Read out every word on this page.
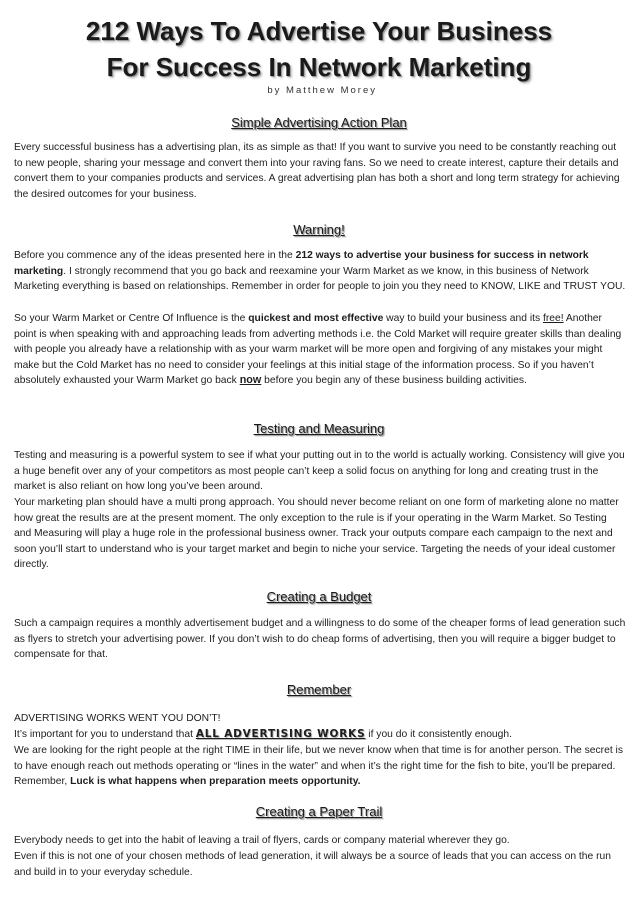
212 Ways To Advertise Your Business
For Success In Network Marketing

by Matthew Morey

Simple Advertising Action Plan

Every successful business has a advertising plan, its as simple as that! If you want to survive you need to be constantly reaching out to new people, sharing your message and convert them into your raving fans. So we need to create interest, capture their details and convert them to your companies products and services. A great advertising plan has both a short and long term strategy for achieving the desired outcomes for your business.

Warning!

Before you commence any of the ideas presented here in the 212 ways to advertise your business for success in network marketing. I strongly recommend that you go back and reexamine your Warm Market as we know, in this business of Network Marketing everything is based on relationships. Remember in order for people to join you they need to KNOW, LIKE and TRUST YOU.

So your Warm Market or Centre Of Influence is the quickest and most effective way to build your business and its free! Another point is when speaking with and approaching leads from adverting methods i.e. the Cold Market will require greater skills than dealing with people you already have a relationship with as your warm market will be more open and forgiving of any mistakes your might make but the Cold Market has no need to consider your feelings at this initial stage of the information process. So if you haven’t absolutely exhausted your Warm Market go back now before you begin any of these business building activities.

Testing and Measuring

Testing and measuring is a powerful system to see if what your putting out in to the world is actually working. Consistency will give you a huge benefit over any of your competitors as most people can’t keep a solid focus on anything for long and creating trust in the market is also reliant on how long you’ve been around.

Your marketing plan should have a multi prong approach. You should never become reliant on one form of marketing alone no matter how great the results are at the present moment. The only exception to the rule is if your operating in the Warm Market. So Testing and Measuring will play a huge role in the professional business owner. Track your outputs compare each campaign to the next and soon you’ll start to understand who is your target market and begin to niche your service. Targeting the needs of your ideal customer directly.

Creating a Budget

Such a campaign requires a monthly advertisement budget and a willingness to do some of the cheaper forms of lead generation such as flyers to stretch your advertising power. If you don’t wish to do cheap forms of advertising, then you will require a bigger budget to compensate for that.

Remember

ADVERTISING WORKS WENT YOU DON’T!

It’s important for you to understand that ALL ADVERTISING WORKS if you do it consistently enough.

We are looking for the right people at the right TIME in their life, but we never know when that time is for another person. The secret is to have enough reach out methods operating or “lines in the water” and when it’s the right time for the fish to bite, you’ll be prepared. Remember, Luck is what happens when preparation meets opportunity.

Creating a Paper Trail

Everybody needs to get into the habit of leaving a trail of flyers, cards or company material wherever they go.

Even if this is not one of your chosen methods of lead generation, it will always be a source of leads that you can access on the run and build in to your everyday schedule.
